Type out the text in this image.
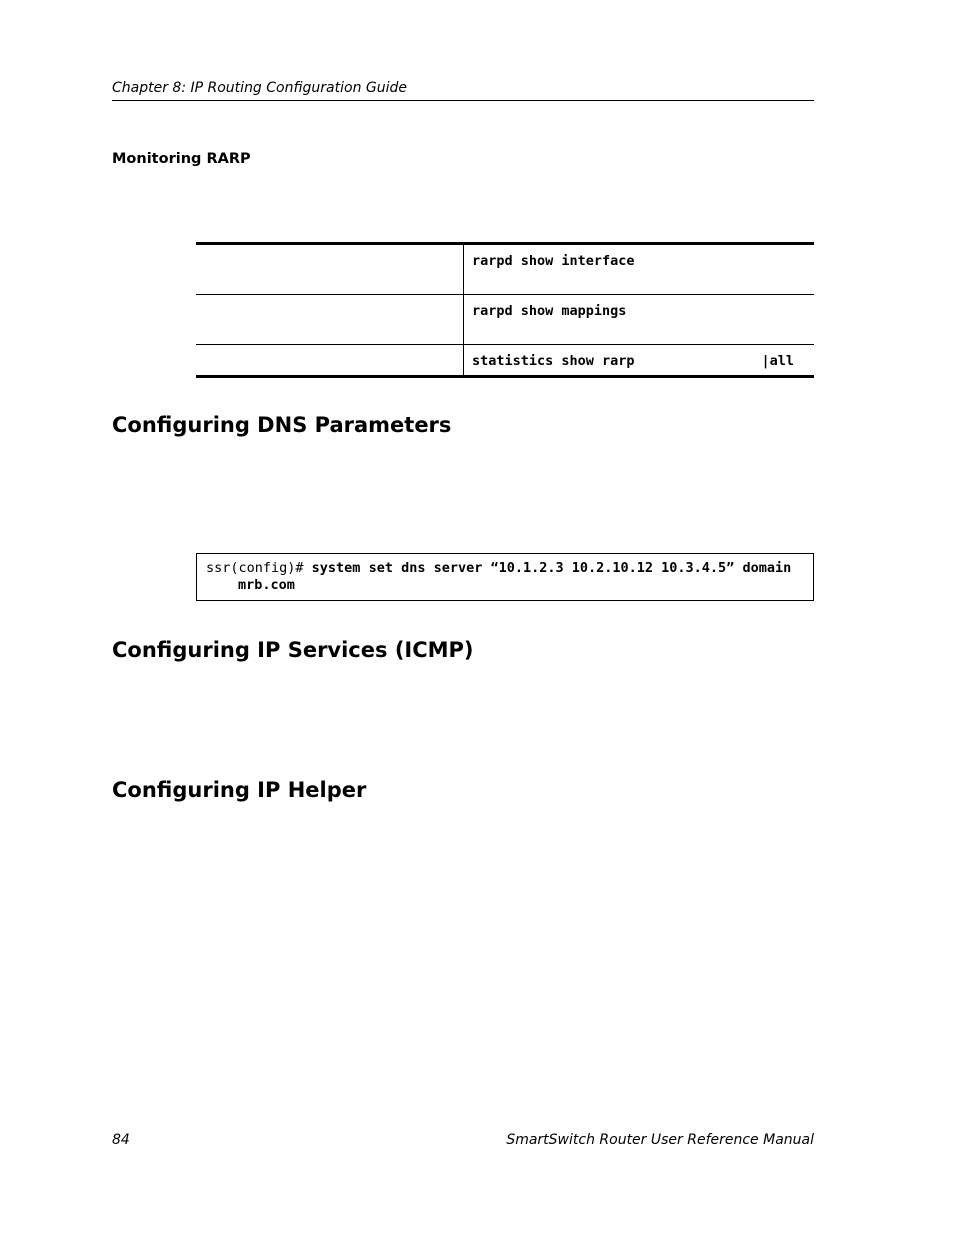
Chapter 8: IP Routing Configuration Guide
Monitoring RARP
	rarpd show interface
	rarpd show mappings
	statistics show rarp |all
Configuring DNS Parameters
ssr(config)# system set dns server “10.1.2.3 10.2.10.12 10.3.4.5” domain
mrb.com
Configuring IP Services (ICMP)
Configuring IP Helper
84	SmartSwitch Router User Reference Manual
